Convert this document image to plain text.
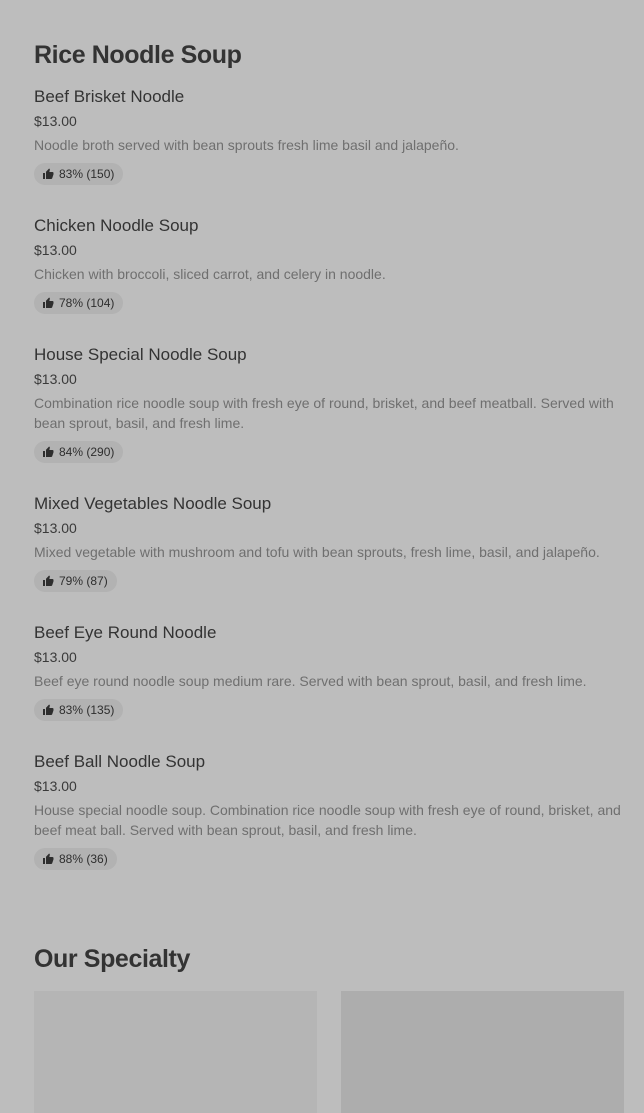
Rice Noodle Soup
Beef Brisket Noodle
$13.00
Noodle broth served with bean sprouts fresh lime basil and jalapeño.
83% (150)
Chicken Noodle Soup
$13.00
Chicken with broccoli, sliced carrot, and celery in noodle.
78% (104)
House Special Noodle Soup
$13.00
Combination rice noodle soup with fresh eye of round, brisket, and beef meatball. Served with bean sprout, basil, and fresh lime.
84% (290)
Mixed Vegetables Noodle Soup
$13.00
Mixed vegetable with mushroom and tofu with bean sprouts, fresh lime, basil, and jalapeño.
79% (87)
Beef Eye Round Noodle
$13.00
Beef eye round noodle soup medium rare. Served with bean sprout, basil, and fresh lime.
83% (135)
Beef Ball Noodle Soup
$13.00
House special noodle soup. Combination rice noodle soup with fresh eye of round, brisket, and beef meat ball. Served with bean sprout, basil, and fresh lime.
88% (36)
Our Specialty
